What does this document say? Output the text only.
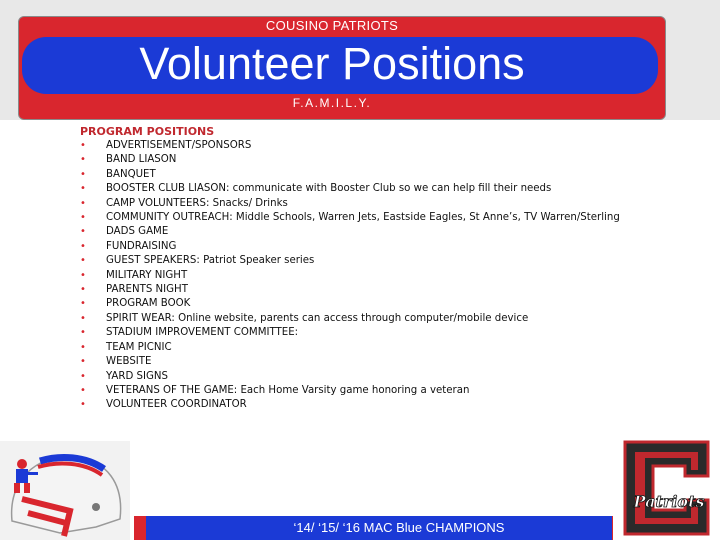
COUSINO PATRIOTS
Volunteer Positions
F.A.M.I.L.Y.
PROGRAM POSITIONS
• ADVERTISEMENT/SPONSORS
• BAND LIASON
• BANQUET
• BOOSTER CLUB LIASON: communicate with Booster Club so we can help fill their needs
• CAMP VOLUNTEERS: Snacks/ Drinks
• COMMUNITY OUTREACH: Middle Schools, Warren Jets, Eastside Eagles, St Anne’s, TV Warren/Sterling
• DADS GAME
• FUNDRAISING
• GUEST SPEAKERS: Patriot Speaker series
• MILITARY NIGHT
• PARENTS NIGHT
• PROGRAM BOOK
• SPIRIT WEAR: Online website, parents can access through computer/mobile device
• STADIUM IMPROVEMENT COMMITTEE:
• TEAM PICNIC
• WEBSITE
• YARD SIGNS
• VETERANS OF THE GAME: Each Home Varsity game honoring a veteran
• VOLUNTEER COORDINATOR
Patriots
‘14/ ‘15/ ‘16 MAC Blue CHAMPIONS
